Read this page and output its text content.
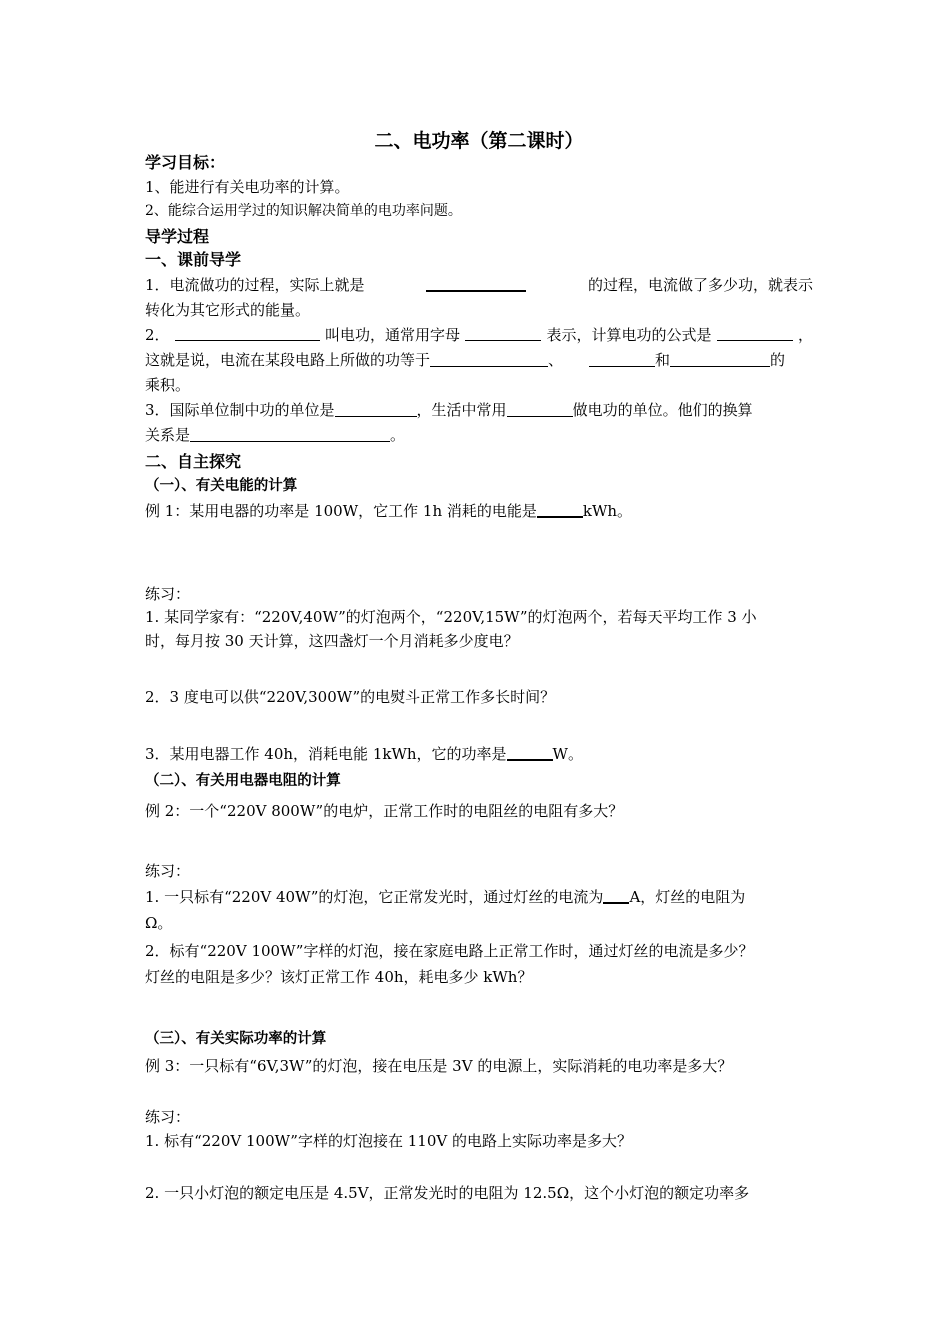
二、电功率（第二课时）
学习目标：
1、能进行有关电功率的计算。
2、能综合运用学过的知识解决简单的电功率问题。
导学过程
一、课前导学
1．电流做功的过程，实际上就是	的过程，电流做了多少功，就表示
转化为其它形式的能量。
2．	叫电功，通常用字母	表示，计算电功的公式是	，
这就是说，电流在某段电路上所做的功等于	、	和	的
乘积。
3．国际单位制中功的单位是	，生活中常用	做电功的单位。他们的换算
关系是	。
二、自主探究
（一）、有关电能的计算
例 1：某用电器的功率是 100W，它工作 1h 消耗的电能是	kWh。
练习：
1. 某同学家有：“220V,40W”的灯泡两个，“220V,15W”的灯泡两个，若每天平均工作 3 小
时，每月按 30 天计算，这四盏灯一个月消耗多少度电？
2．3 度电可以供“220V,300W”的电熨斗正常工作多长时间？
3．某用电器工作 40h，消耗电能 1kWh，它的功率是	W。
（二）、有关用电器电阻的计算
例 2：一个“220V 800W”的电炉，正常工作时的电阻丝的电阻有多大？
练习：
1. 一只标有“220V 40W”的灯泡，它正常发光时，通过灯丝的电流为 A，灯丝的电阻为
Ω。
2．标有“220V 100W”字样的灯泡，接在家庭电路上正常工作时，通过灯丝的电流是多少？
灯丝的电阻是多少？该灯正常工作 40h，耗电多少 kWh？
（三）、有关实际功率的计算
例 3：一只标有“6V,3W”的灯泡，接在电压是 3V 的电源上，实际消耗的电功率是多大？
练习：
1. 标有“220V 100W”字样的灯泡接在 110V 的电路上实际功率是多大？
2. 一只小灯泡的额定电压是 4.5V，正常发光时的电阻为 12.5Ω，这个小灯泡的额定功率多
